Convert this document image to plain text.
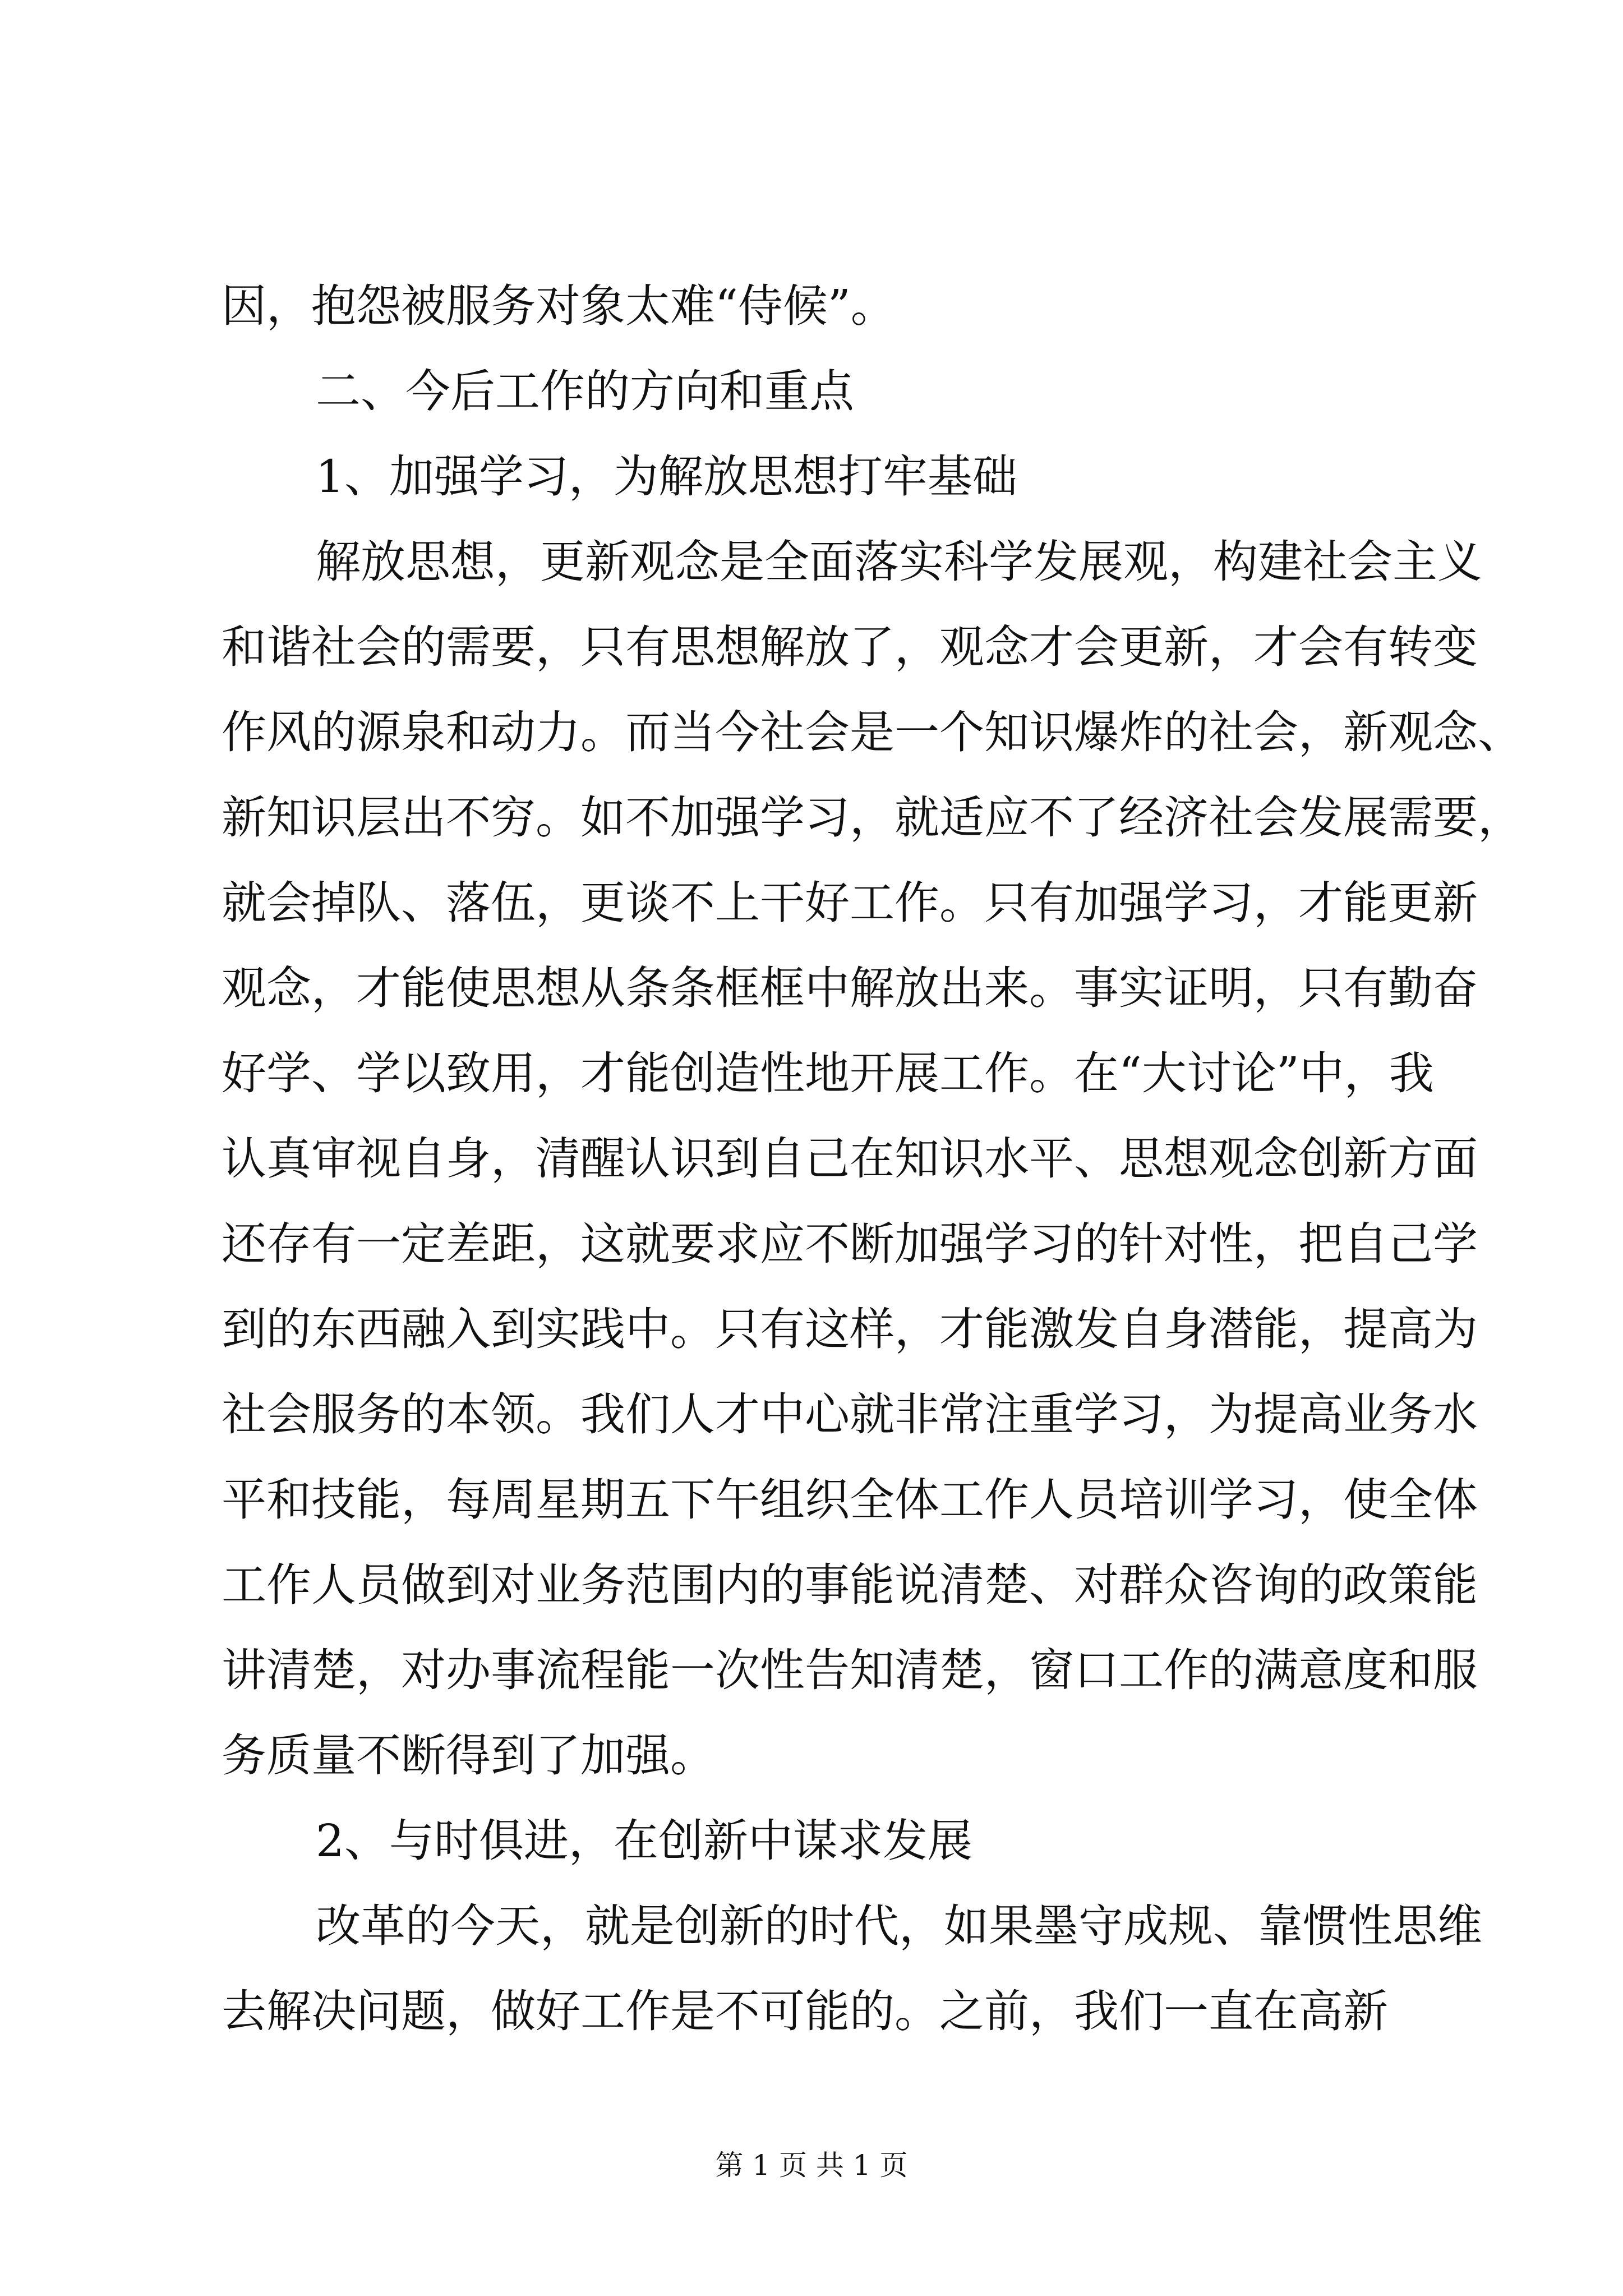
因，抱怨被服务对象太难“侍候”。
二、今后工作的方向和重点
1、加强学习，为解放思想打牢基础
解放思想，更新观念是全面落实科学发展观，构建社会主义
和谐社会的需要，只有思想解放了，观念才会更新，才会有转变
作风的源泉和动力。而当今社会是一个知识爆炸的社会，新观念、
新知识层出不穷。如不加强学习，就适应不了经济社会发展需要，
就会掉队、落伍，更谈不上干好工作。只有加强学习，才能更新
观念，才能使思想从条条框框中解放出来。事实证明，只有勤奋
好学、学以致用，才能创造性地开展工作。在“大讨论”中，我
认真审视自身，清醒认识到自己在知识水平、思想观念创新方面
还存有一定差距，这就要求应不断加强学习的针对性，把自己学
到的东西融入到实践中。只有这样，才能激发自身潜能，提高为
社会服务的本领。我们人才中心就非常注重学习，为提高业务水
平和技能，每周星期五下午组织全体工作人员培训学习，使全体
工作人员做到对业务范围内的事能说清楚、对群众咨询的政策能
讲清楚，对办事流程能一次性告知清楚，窗口工作的满意度和服
务质量不断得到了加强。
2、与时俱进，在创新中谋求发展
改革的今天，就是创新的时代，如果墨守成规、靠惯性思维
去解决问题，做好工作是不可能的。之前，我们一直在高新
第 1 页 共 1 页
